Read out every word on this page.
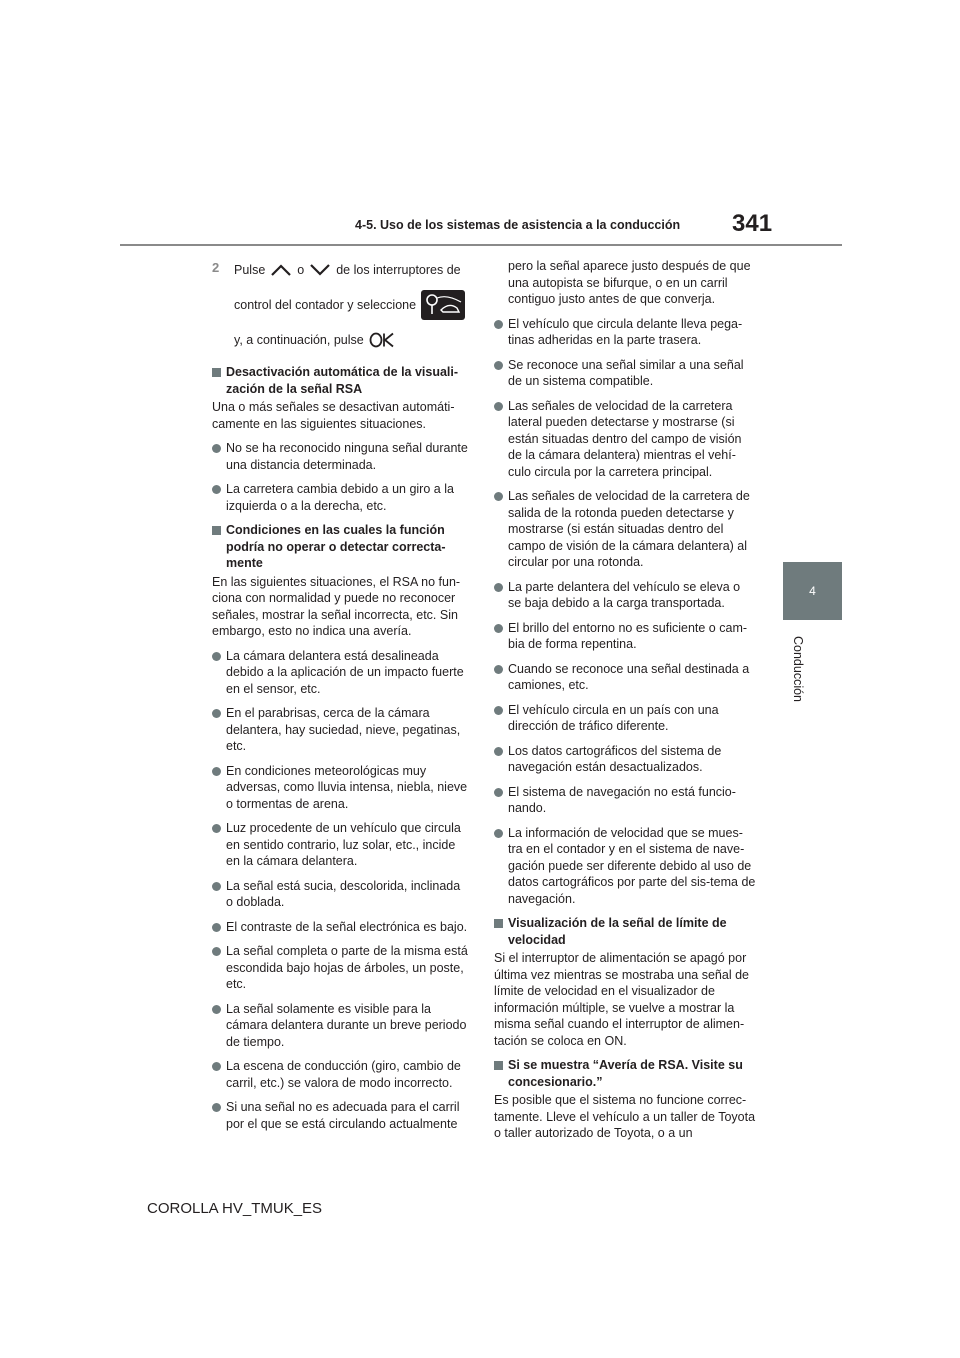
4-5. Uso de los sistemas de asistencia a la conducción	341
4
Conducción
2 Pulse	o	de los interruptores de
control del contador y seleccione
y, a continuación, pulse
Desactivación automática de la visuali-zación de la señal RSA

Una o más señales se desactivan automáti-camente en las siguientes situaciones.

No se ha reconocido ninguna señal durante una distancia determinada.
La carretera cambia debido a un giro a la izquierda o a la derecha, etc.
Condiciones en las cuales la función podría no operar o detectar correcta-mente

En las siguientes situaciones, el RSA no fun-ciona con normalidad y puede no reconocer señales, mostrar la señal incorrecta, etc. Sin embargo, esto no indica una avería.

La cámara delantera está desalineada debido a la aplicación de un impacto fuerte en el sensor, etc.
En el parabrisas, cerca de la cámara delantera, hay suciedad, nieve, pegatinas, etc.
En condiciones meteorológicas muy adversas, como lluvia intensa, niebla, nieve o tormentas de arena.
Luz procedente de un vehículo que circula en sentido contrario, luz solar, etc., incide en la cámara delantera.
La señal está sucia, descolorida, inclinada o doblada.
El contraste de la señal electrónica es bajo.
La señal completa o parte de la misma está escondida bajo hojas de árboles, un poste, etc.
La señal solamente es visible para la cámara delantera durante un breve periodo de tiempo.
La escena de conducción (giro, cambio de carril, etc.) se valora de modo incorrecto.
Si una señal no es adecuada para el carril por el que se está circulando actualmente

pero la señal aparece justo después de que una autopista se bifurque, o en un carril contiguo justo antes de que converja.

El vehículo que circula delante lleva pega-tinas adheridas en la parte trasera.
Se reconoce una señal similar a una señal de un sistema compatible.
Las señales de velocidad de la carretera lateral pueden detectarse y mostrarse (si están situadas dentro del campo de visión de la cámara delantera) mientras el vehí-culo circula por la carretera principal.
Las señales de velocidad de la carretera de salida de la rotonda pueden detectarse y mostrarse (si están situadas dentro del campo de visión de la cámara delantera) al circular por una rotonda.
La parte delantera del vehículo se eleva o se baja debido a la carga transportada.
El brillo del entorno no es suficiente o cam-bia de forma repentina.
Cuando se reconoce una señal destinada a camiones, etc.
El vehículo circula en un país con una dirección de tráfico diferente.
Los datos cartográficos del sistema de navegación están desactualizados.
El sistema de navegación no está funcio-nando.
La información de velocidad que se mues-tra en el contador y en el sistema de nave-gación puede ser diferente debido al uso de datos cartográficos por parte del sis-tema de navegación.
Visualización de la señal de límite de velocidad

Si el interruptor de alimentación se apagó por última vez mientras se mostraba una señal de límite de velocidad en el visualizador de información múltiple, se vuelve a mostrar la misma señal cuando el interruptor de alimen-tación se coloca en ON.

Si se muestra “Avería de RSA. Visite su concesionario.”

Es posible que el sistema no funcione correc-tamente. Lleve el vehículo a un taller de Toyota o taller autorizado de Toyota, o a un

COROLLA HV_TMUK_ES
